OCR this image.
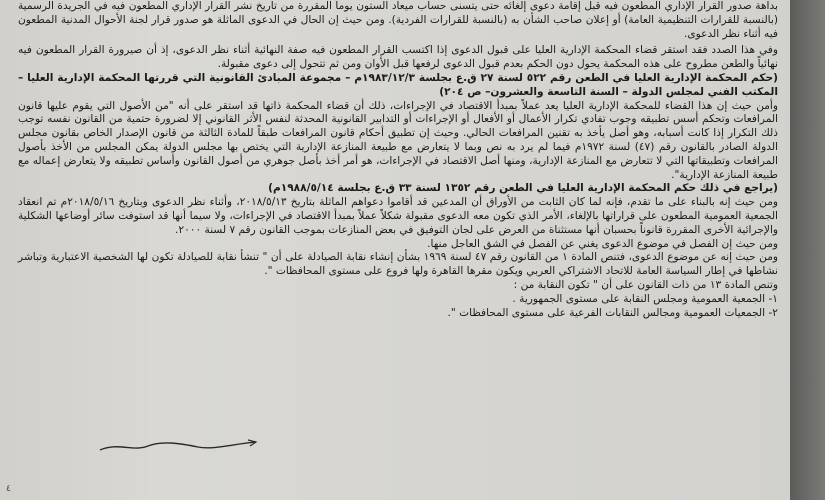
بداهة صدور القرار الإداري المطعون فيه قبل إقامة دعوى إلغائه حتى يتسنى حساب ميعاد الستون يوماً المقررة من تاريخ نشر القرار الإداري المطعون فيه في الجريدة الرسمية (بالنسبة للقرارات التنظيمية العامة) أو إعلان صاحب الشأن به (بالنسبة للقرارات الفردية). ومن حيث إن الحال في الدعوى الماثلة هو صدور قرار لجنة الأحوال المدنية المطعون فيه أثناء نظر الدعوى.

وفي هذا الصدد فقد استقر قضاء المحكمة الإدارية العليا على قبول الدعوى إذا اكتسب القرار المطعون فيه صفة النهائية أثناء نظر الدعوى، إذ أن صيرورة القرار المطعون فيه نهائياً والطعن مطروح على هذه المحكمة يحول دون الحكم بعدم قبول الدعوى لرفعها قبل الأوان ومن ثم تتحول إلى دعوى مقبولة.

(حكم المحكمة الإدارية العليا في الطعن رقم ٥٢٢ لسنة ٢٧ ق.ع بجلسة ١٩٨٣/١٢/٣م – مجموعة المبادئ القانونية التي قررتها المحكمة الإدارية العليا –المكتب الفني لمجلس الدولة – السنة التاسعة والعشرون– ص ٢٠٤)

وأمن حيث إن هذا القضاء للمحكمة الإدارية العليا يعد عملاً بمبدأ الاقتصاد في الإجراءات، ذلك أن قضاء المحكمة ذاتها قد استقر على أنه "من الأصول التي يقوم عليها قانون المرافعات وتحكم أسس تطبيقه وجوب تفادي تكرار الأعمال أو الأفعال أو الإجراءات أو التدابير القانونية المحدثة لنفس الأثر القانوني إلا لضرورة حتمية من القانون نفسه توجب ذلك التكرار إذا كانت أسبابه، وهو أصل يأخذ به تقنين المرافعات الحالي. وحيث إن تطبيق أحكام قانون المرافعات طبقاً للمادة الثالثة من قانون الإصدار الخاص بقانون مجلس الدولة الصادر بالقانون رقم (٤٧) لسنة ١٩٧٢م فيما لم يرد به نص وبما لا يتعارض مع طبيعة المنازعة الإدارية التي يختص بها مجلس الدولة يمكن المجلس من الأخذ بأصول المرافعات وتطبيقاتها التي لا تتعارض مع المنازعة الإدارية، ومنها أصل الاقتصاد في الإجراءات، هو أمر أخذ بأصل جوهري من أصول القانون وأساس تطبيقه ولا يتعارض إعماله مع طبيعة المنازعة الإدارية".

(يراجع في ذلك حكم المحكمة الإدارية العليا في الطعن رقم ١٣٥٢ لسنة ٣٣ ق.ع بجلسة ١٩٨٨/٥/١٤م)

ومن حيث إنه بالبناء على ما تقدم، فإنه لما كان الثابت من الأوراق أن المدعين قد أقاموا دعواهم الماثلة بتاريخ ٢٠١٨/٥/١٣، وأثناء نظر الدعوى وبتاريخ ٢٠١٨/٥/١٦م تم انعقاد الجمعية العمومية المطعون على قراراتها بالإلغاء، الأمر الذي تكون معه الدعوى مقبولة شكلاً عملاً بمبدأ الاقتصاد في الإجراءات، ولا سيما أنها قد استوفت سائر أوضاعها الشكلية والإجرائية الأخرى المقررة قانوناً بحسبان أنها مستثناة من العرض على لجان التوفيق في بعض المنازعات بموجب القانون رقم ٧ لسنة ٢٠٠٠.

ومن حيث إن الفصل في موضوع الدعوى يغني عن الفصل في الشق العاجل منها.

ومن حيث إنه عن موضوع الدعوى، فتنص المادة ١ من القانون رقم ٤٧ لسنة ١٩٦٩ بشأن إنشاء نقابة الصيادلة على أن " تنشأ نقابة للصيادلة تكون لها الشخصية الاعتبارية وتباشر نشاطها في إطار السياسة العامة للاتحاد الاشتراكي العربي ويكون مقرها القاهرة ولها فروع على مستوى المحافظات ".

وتنص المادة ١٣ من ذات القانون على أن " تكون النقابة من :

١- الجمعية العمومية ومجلس النقابة على مستوى الجمهورية .

٢- الجمعيات العمومية ومجالس النقابات الفرعية على مستوى المحافظات ".

٤
